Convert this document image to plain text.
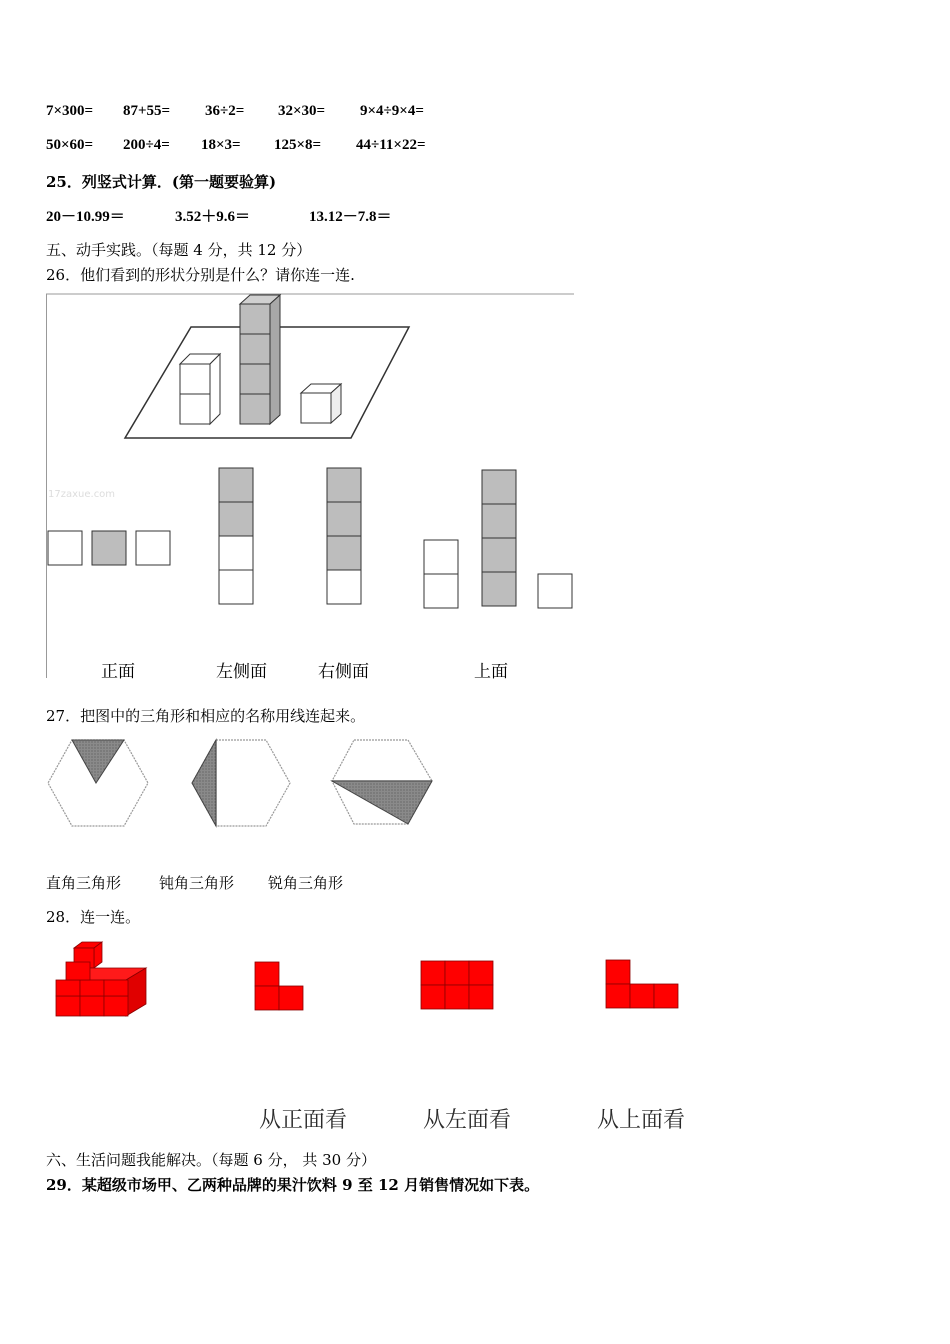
7×300= 87+55= 36÷2= 32×30= 9×4÷9×4=
50×60= 200÷4= 18×3= 125×8= 44÷11×22=
25．列竖式计算．(第一题要验算)
20－10.99＝	3.52＋9.6＝	13.12－7.8＝
五、动手实践。（每题 4 分，共 12 分）
26．他们看到的形状分别是什么？请你连一连.
17zaxue.com
正面	左侧面	右侧面	上面
27．把图中的三角形和相应的名称用线连起来。
直角三角形	钝角三角形 锐角三角形
28．连一连。
从正面看	从左面看	从上面看
六、生活问题我能解决。（每题 6 分， 共 30 分）
29．某超级市场甲、乙两种品牌的果汁饮料 9 至 12 月销售情况如下表。
